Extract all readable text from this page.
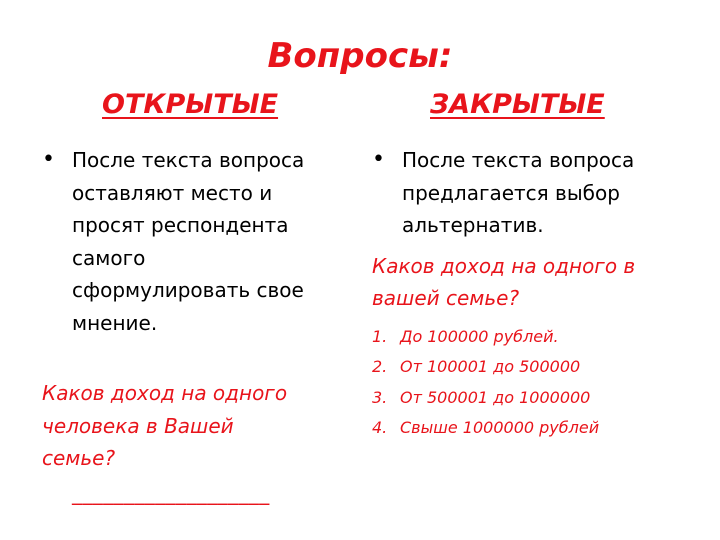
Вопросы:
ОТКРЫТЫЕ	ЗАКРЫТЫЕ
• После текста вопроса
оставляют место и
просят респондента
самого
сформулировать свое
мнение.
Каков доход на одного
человека в Вашей
семье?
___________________
• После текста вопроса
предлагается выбор
альтернатив.
Каков доход на одного в
вашей семье?
1. До 100000 рублей.
2. От 100001 до 500000
3. От 500001 до 1000000
4. Свыше 1000000 рублей
